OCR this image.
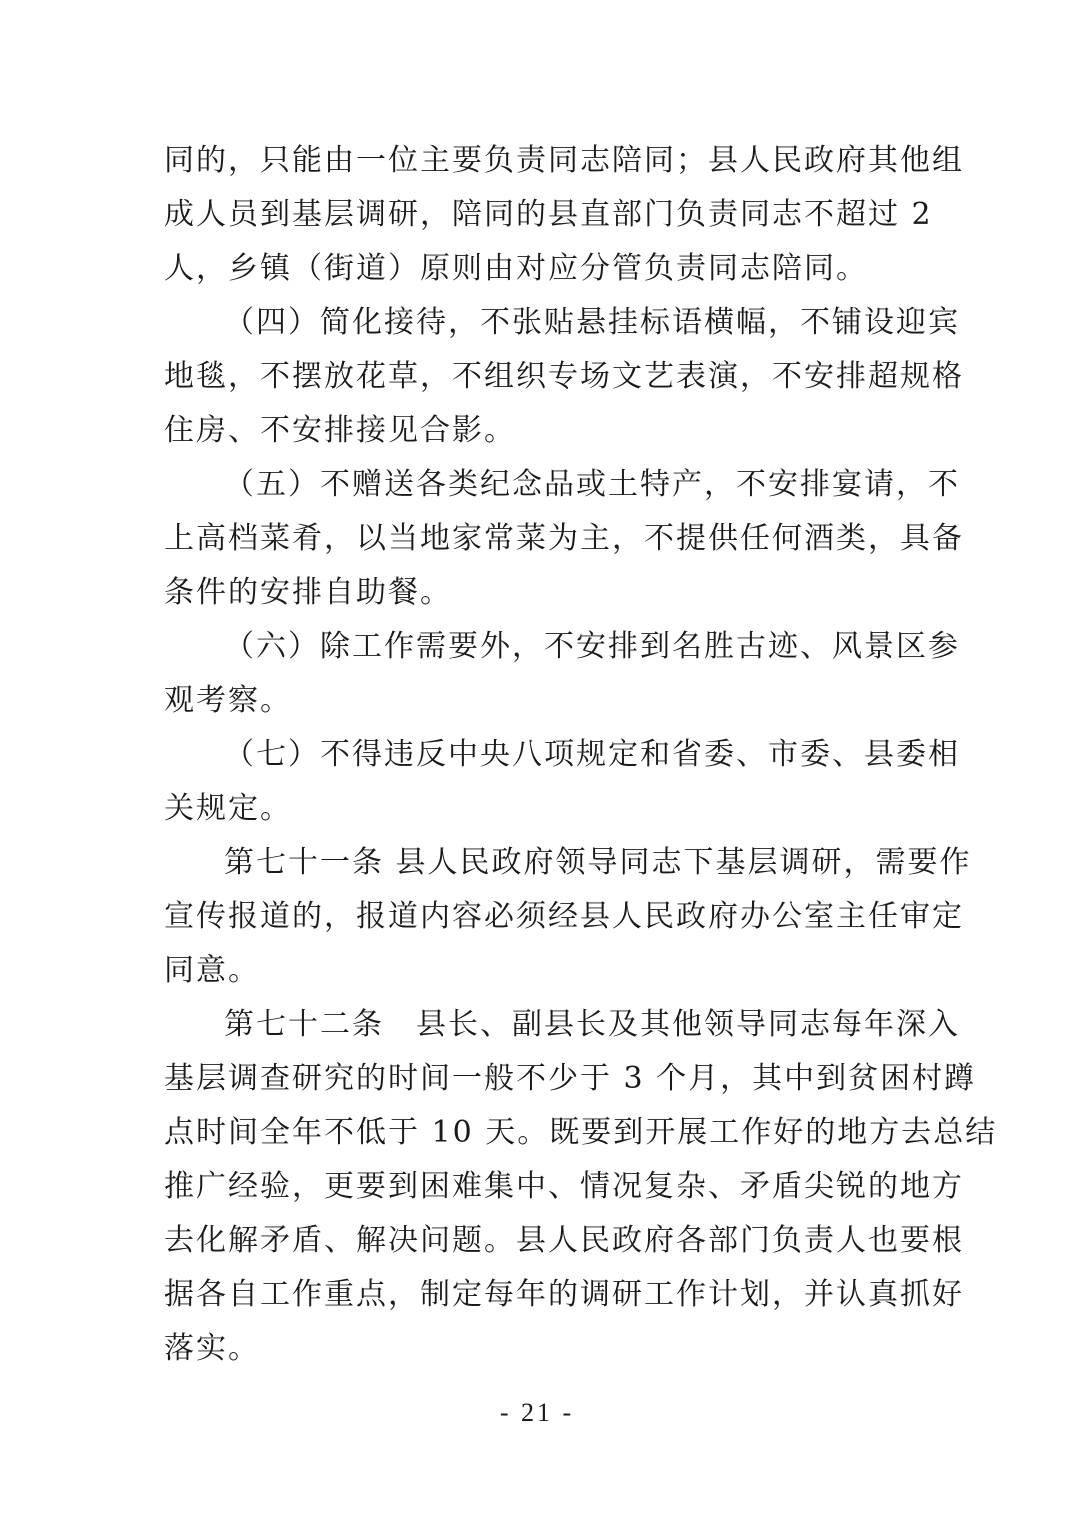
同的，只能由一位主要负责同志陪同；县人民政府其他组
成人员到基层调研，陪同的县直部门负责同志不超过 2
人，乡镇（街道）原则由对应分管负责同志陪同。
（四）简化接待，不张贴悬挂标语横幅，不铺设迎宾
地毯，不摆放花草，不组织专场文艺表演，不安排超规格
住房、不安排接见合影。
（五）不赠送各类纪念品或土特产，不安排宴请，不
上高档菜肴，以当地家常菜为主，不提供任何酒类，具备
条件的安排自助餐。
（六）除工作需要外，不安排到名胜古迹、风景区参
观考察。
（七）不得违反中央八项规定和省委、市委、县委相
关规定。
第七十一条 县人民政府领导同志下基层调研，需要作
宣传报道的，报道内容必须经县人民政府办公室主任审定
同意。
第七十二条　县长、副县长及其他领导同志每年深入
基层调查研究的时间一般不少于 3 个月，其中到贫困村蹲
点时间全年不低于 10 天。既要到开展工作好的地方去总结
推广经验，更要到困难集中、情况复杂、矛盾尖锐的地方
去化解矛盾、解决问题。县人民政府各部门负责人也要根
据各自工作重点，制定每年的调研工作计划，并认真抓好
落实。
- 21 -
